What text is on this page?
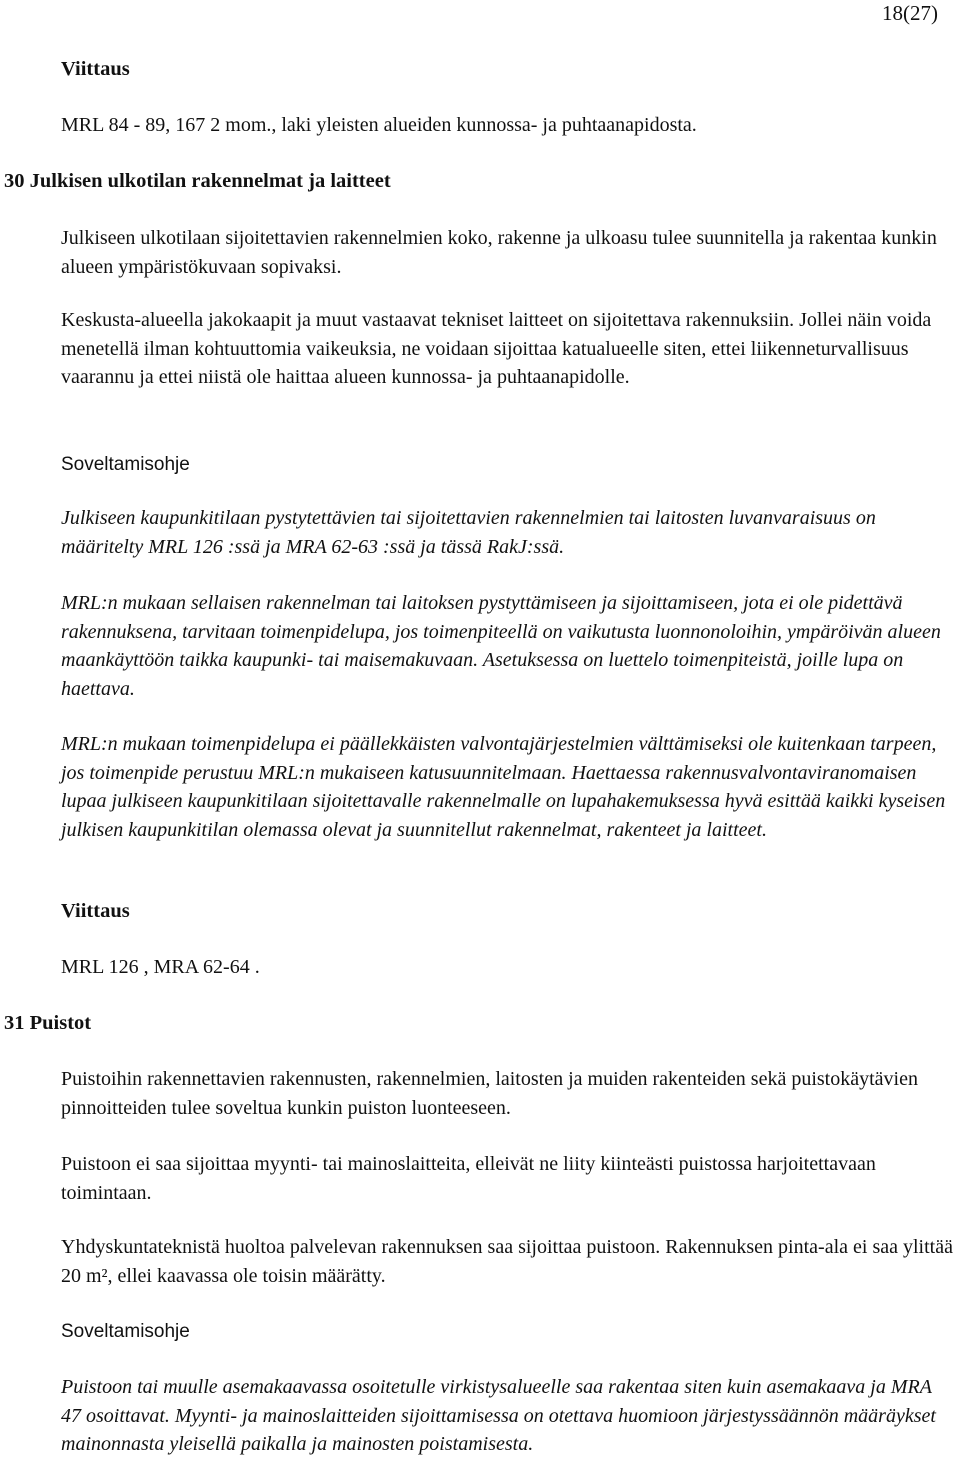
18(27)
Viittaus

MRL 84 - 89, 167 2 mom., laki yleisten alueiden kunnossa- ja puhtaanapidosta.

30 Julkisen ulkotilan rakennelmat ja laitteet

Julkiseen ulkotilaan sijoitettavien rakennelmien koko, rakenne ja ulkoasu tulee suunnitella ja rakentaa kunkin alueen ympäristökuvaan sopivaksi.

Keskusta-alueella jakokaapit ja muut vastaavat tekniset laitteet on sijoitettava rakennuksiin. Jollei näin voida menetellä ilman kohtuuttomia vaikeuksia, ne voidaan sijoittaa katualueelle siten, ettei liikenneturvallisuus vaarannu ja ettei niistä ole haittaa alueen kunnossa- ja puhtaanapidolle.

Soveltamisohje

Julkiseen kaupunkitilaan pystytettävien tai sijoitettavien rakennelmien tai laitosten luvanvaraisuus on määritelty MRL 126 :ssä ja MRA 62-63 :ssä ja tässä RakJ:ssä.

MRL:n mukaan sellaisen rakennelman tai laitoksen pystyttämiseen ja sijoittamiseen, jota ei ole pidettävä rakennuksena, tarvitaan toimenpidelupa, jos toimenpiteellä on vaikutusta luonnonoloihin, ympäröivän alueen maankäyttöön taikka kaupunki- tai maisemakuvaan. Asetuksessa on luettelo toimenpiteistä, joille lupa on haettava.

MRL:n mukaan toimenpidelupa ei päällekkäisten valvontajärjestelmien välttämiseksi ole kuitenkaan tarpeen, jos toimenpide perustuu MRL:n mukaiseen katusuunnitelmaan. Haettaessa rakennusvalvontaviranomaisen lupaa julkiseen kaupunkitilaan sijoitettavalle rakennelmalle on lupahakemuksessa hyvä esittää kaikki kyseisen julkisen kaupunkitilan olemassa olevat ja suunnitellut rakennelmat, rakenteet ja laitteet.

Viittaus

MRL 126 , MRA 62-64 .

31 Puistot

Puistoihin rakennettavien rakennusten, rakennelmien, laitosten ja muiden rakenteiden sekä puistokäytävien pinnoitteiden tulee soveltua kunkin puiston luonteeseen.

Puistoon ei saa sijoittaa myynti- tai mainoslaitteita, elleivät ne liity kiinteästi puistossa harjoitettavaan toimintaan.

Yhdyskuntateknistä huoltoa palvelevan rakennuksen saa sijoittaa puistoon. Rakennuksen pinta-ala ei saa ylittää 20 m², ellei kaavassa ole toisin määrätty.

Soveltamisohje

Puistoon tai muulle asemakaavassa osoitetulle virkistysalueelle saa rakentaa siten kuin asemakaava ja MRA 47 osoittavat. Myynti- ja mainoslaitteiden sijoittamisessa on otettava huomioon järjestyssäännön määräykset mainonnasta yleisellä paikalla ja mainosten poistamisesta.
